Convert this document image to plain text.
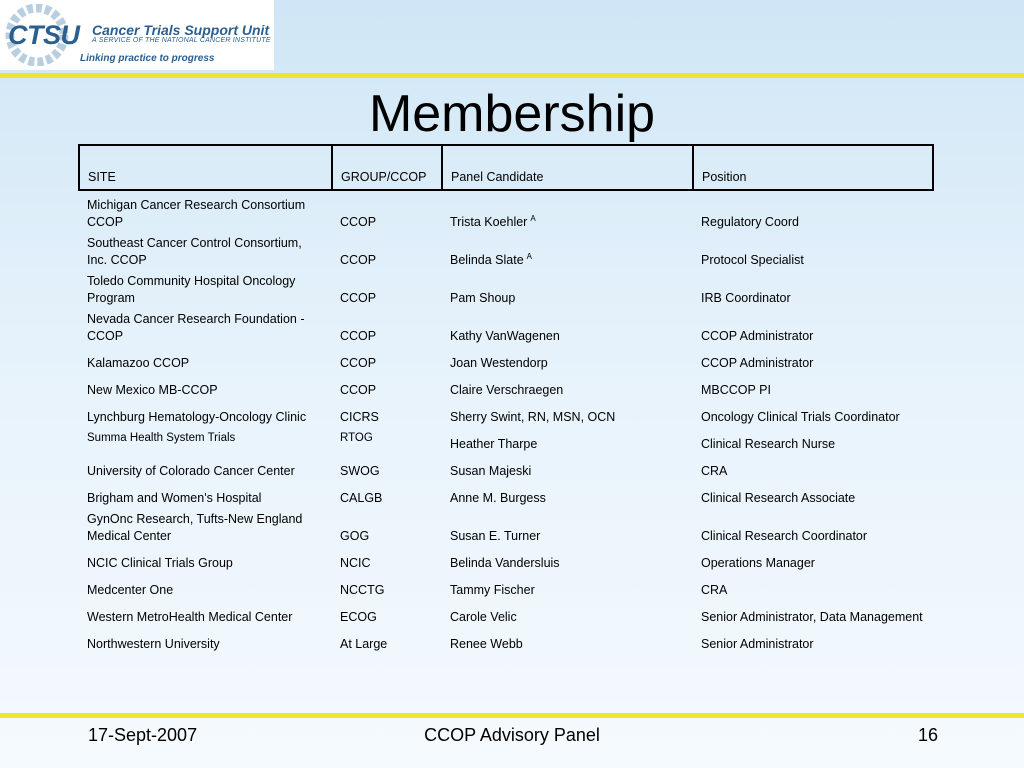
CTSU Cancer Trials Support Unit
A SERVICE OF THE NATIONAL CANCER INSTITUTE
Linking practice to progress
Membership
SITE	GROUP/CCOP	Panel Candidate	Position
Michigan Cancer Research Consortium CCOP	CCOP	Trista Koehler $^A$	Regulatory Coord
Southeast Cancer Control Consortium, Inc. CCOP	CCOP	Belinda Slate $^A$	Protocol Specialist
Toledo Community Hospital Oncology Program	CCOP	Pam Shoup	IRB Coordinator
Nevada Cancer Research Foundation - CCOP	CCOP	Kathy VanWagenen	CCOP Administrator
Kalamazoo CCOP	CCOP	Joan Westendorp	CCOP Administrator
New Mexico MB-CCOP	CCOP	Claire Verschraegen	MBCCOP PI
Lynchburg Hematology-Oncology Clinic	CICRS	Sherry Swint, RN, MSN, OCN	Oncology Clinical Trials Coordinator
Summa Health System Trials	RTOG	Heather Tharpe	Clinical Research Nurse
University of Colorado Cancer Center	SWOG	Susan Majeski	CRA
Brigham and Women's Hospital	CALGB	Anne M. Burgess	Clinical Research Associate
GynOnc Research, Tufts-New England Medical Center	GOG	Susan E. Turner	Clinical Research Coordinator
NCIC Clinical Trials Group	NCIC	Belinda Vandersluis	Operations Manager
Medcenter One	NCCTG	Tammy Fischer	CRA
Western MetroHealth Medical Center	ECOG	Carole Velic	Senior Administrator, Data Management
Northwestern University	At Large	Renee Webb	Senior Administrator
17-Sept-2007	CCOP Advisory Panel	16
